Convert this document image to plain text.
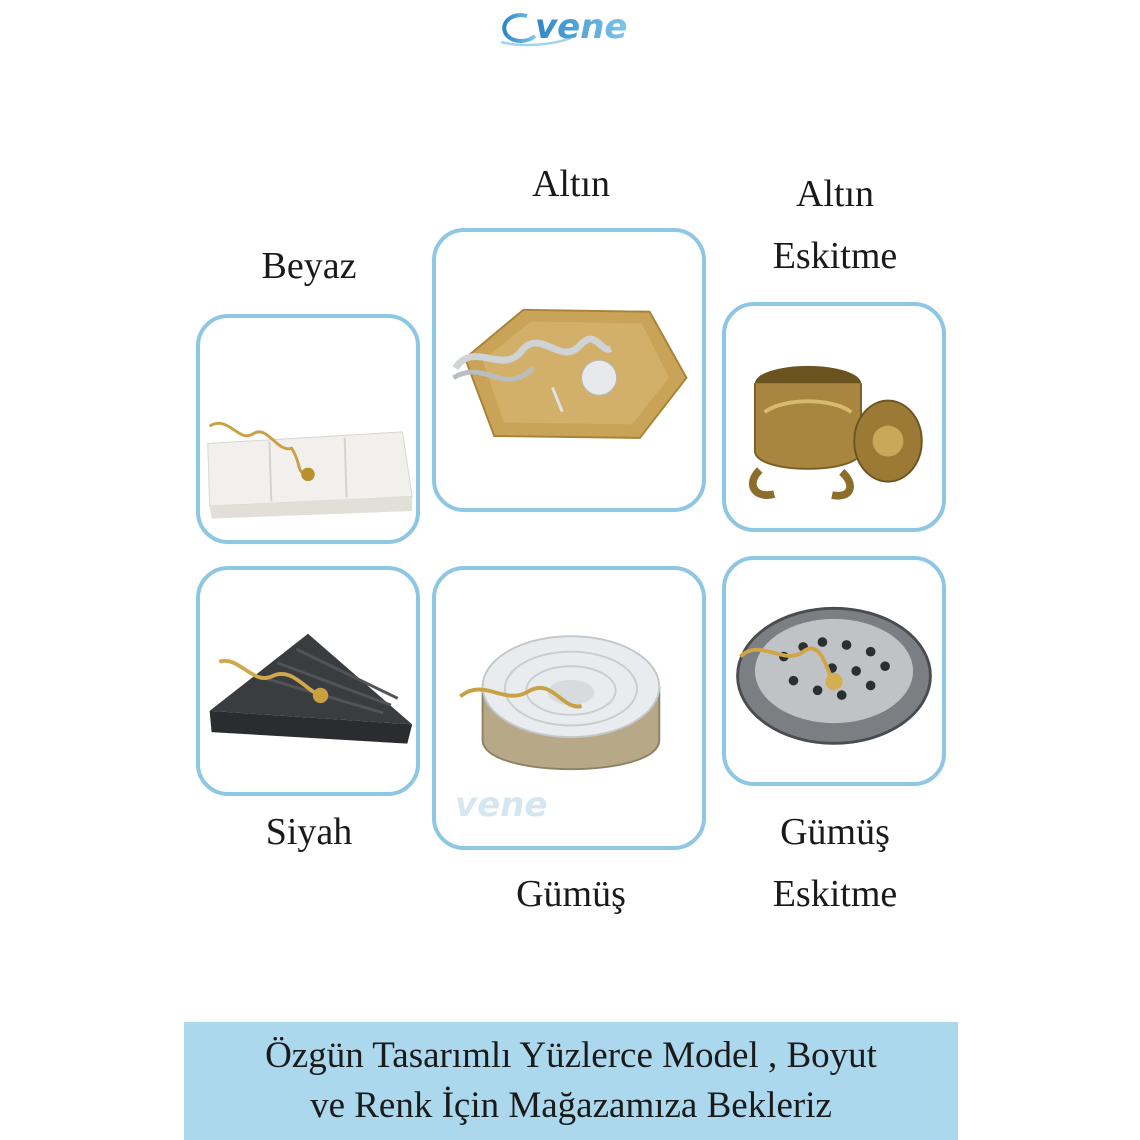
vene
Beyaz
Altın	Altın
Eskitme
Siyah
Gümüş
Gümüş
Eskitme
vene
Özgün Tasarımlı Yüzlerce Model , Boyut
ve Renk İçin Mağazamıza Bekleriz
